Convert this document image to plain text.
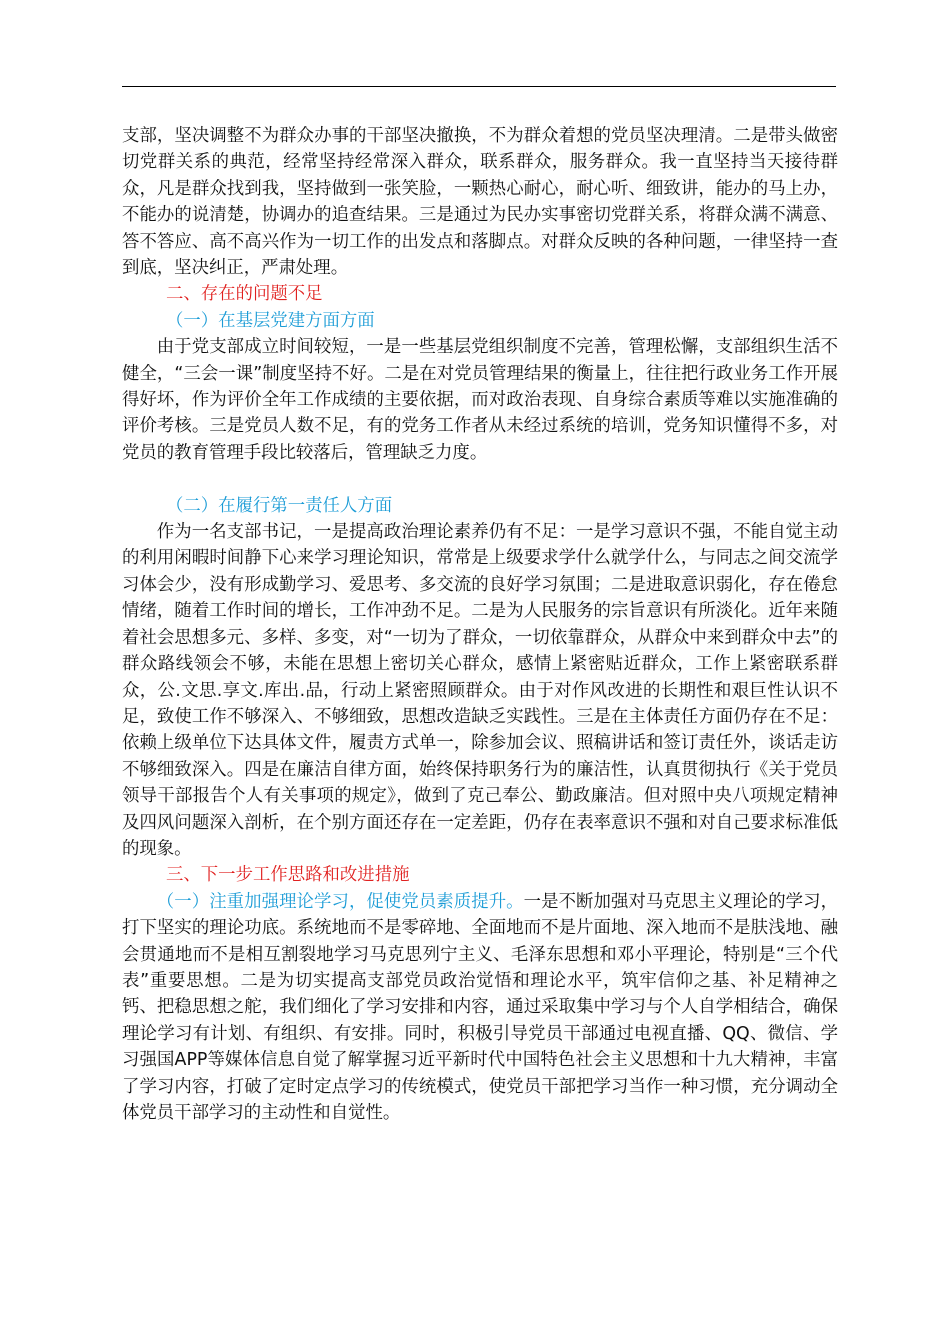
支部，坚决调整不为群众办事的干部坚决撤换，不为群众着想的党员坚决理清。二是带头做密切党群关系的典范，经常坚持经常深入群众，联系群众，服务群众。我一直坚持当天接待群众，凡是群众找到我，坚持做到一张笑脸，一颗热心耐心，耐心听、细致讲，能办的马上办，不能办的说清楚，协调办的追查结果。三是通过为民办实事密切党群关系，将群众满不满意、答不答应、高不高兴作为一切工作的出发点和落脚点。对群众反映的各种问题，一律坚持一查到底，坚决纠正，严肃处理。

二、存在的问题不足

（一）在基层党建方面方面

由于党支部成立时间较短，一是一些基层党组织制度不完善，管理松懈，支部组织生活不健全，“三会一课”制度坚持不好。二是在对党员管理结果的衡量上，往往把行政业务工作开展得好坏，作为评价全年工作成绩的主要依据，而对政治表现、自身综合素质等难以实施准确的评价考核。三是党员人数不足，有的党务工作者从未经过系统的培训，党务知识懂得不多，对党员的教育管理手段比较落后，管理缺乏力度。

（二）在履行第一责任人方面

作为一名支部书记，一是提高政治理论素养仍有不足：一是学习意识不强，不能自觉主动的利用闲暇时间静下心来学习理论知识，常常是上级要求学什么就学什么，与同志之间交流学习体会少，没有形成勤学习、爱思考、多交流的良好学习氛围；二是进取意识弱化，存在倦怠情绪，随着工作时间的增长，工作冲劲不足。二是为人民服务的宗旨意识有所淡化。近年来随着社会思想多元、多样、多变，对“一切为了群众，一切依靠群众，从群众中来到群众中去”的群众路线领会不够，未能在思想上密切关心群众，感情上紧密贴近群众，工作上紧密联系群众，公.文思.享文.库出.品，行动上紧密照顾群众。由于对作风改进的长期性和艰巨性认识不足，致使工作不够深入、不够细致，思想改造缺乏实践性。三是在主体责任方面仍存在不足：依赖上级单位下达具体文件，履责方式单一，除参加会议、照稿讲话和签订责任外，谈话走访不够细致深入。四是在廉洁自律方面，始终保持职务行为的廉洁性，认真贯彻执行《关于党员领导干部报告个人有关事项的规定》，做到了克己奉公、勤政廉洁。但对照中央八项规定精神及四风问题深入剖析，在个别方面还存在一定差距，仍存在表率意识不强和对自己要求标准低的现象。

三、下一步工作思路和改进措施

（一）注重加强理论学习，促使党员素质提升。一是不断加强对马克思主义理论的学习，打下坚实的理论功底。系统地而不是零碎地、全面地而不是片面地、深入地而不是肤浅地、融会贯通地而不是相互割裂地学习马克思列宁主义、毛泽东思想和邓小平理论，特别是“三个代表”重要思想。二是为切实提高支部党员政治觉悟和理论水平，筑牢信仰之基、补足精神之钙、把稳思想之舵，我们细化了学习安排和内容，通过采取集中学习与个人自学相结合，确保理论学习有计划、有组织、有安排。同时，积极引导党员干部通过电视直播、QQ、微信、学习强国APP等媒体信息自觉了解掌握习近平新时代中国特色社会主义思想和十九大精神，丰富了学习内容，打破了定时定点学习的传统模式，使党员干部把学习当作一种习惯，充分调动全体党员干部学习的主动性和自觉性。
